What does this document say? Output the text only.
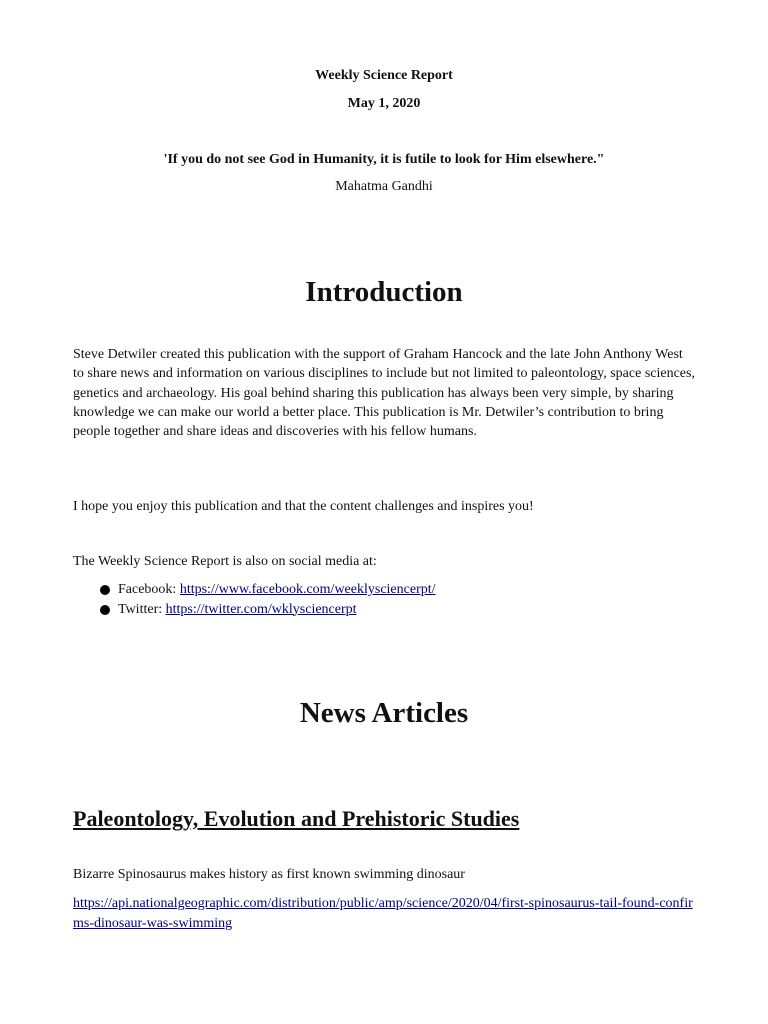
Weekly Science Report
May 1, 2020
'If you do not see God in Humanity, it is futile to look for Him elsewhere."
Mahatma Gandhi
Introduction
Steve Detwiler created this publication with the support of Graham Hancock and the late John Anthony West to share news and information on various disciplines to include but not limited to paleontology, space sciences, genetics and archaeology. His goal behind sharing this publication has always been very simple, by sharing knowledge we can make our world a better place. This publication is Mr. Detwiler’s contribution to bring people together and share ideas and discoveries with his fellow humans.
I hope you enjoy this publication and that the content challenges and inspires you!
The Weekly Science Report is also on social media at:
Facebook: https://www.facebook.com/weeklysciencerpt/
Twitter: https://twitter.com/wklysciencerpt
News Articles
Paleontology, Evolution and Prehistoric Studies
Bizarre Spinosaurus makes history as first known swimming dinosaur
https://api.nationalgeographic.com/distribution/public/amp/science/2020/04/first-spinosaurus-tail-found-confirms-dinosaur-was-swimming
